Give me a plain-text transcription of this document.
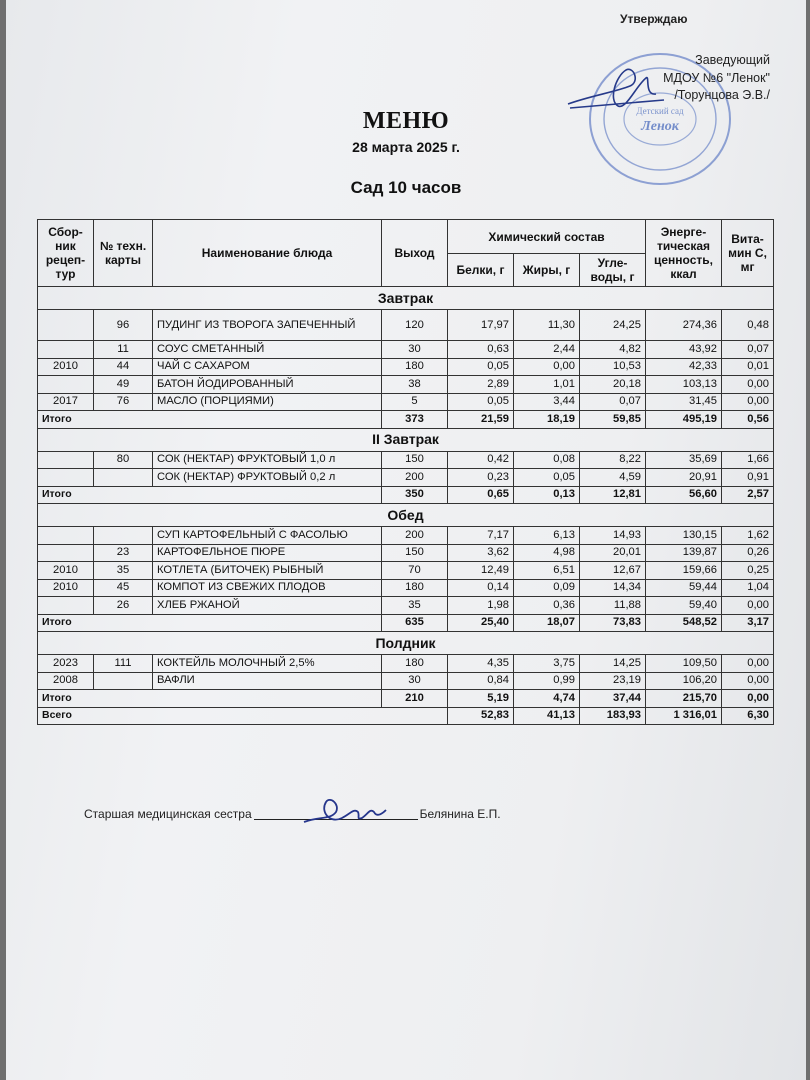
Утверждаю
Детский сад
Ленок
Заведующий
МДОУ №6 "Ленок"
/Торунцова Э.В./
МЕНЮ
28 марта 2025 г.
Сад 10 часов
Сбор-ник рецеп-тур	№ техн. карты	Наименование блюда	Выход	Химический состав			Энерге-тическая ценность, ккал	Вита-мин С, мг
				Белки, г	Жиры, г	Угле-воды, г		
Завтрак								
	96	ПУДИНГ ИЗ ТВОРОГА ЗАПЕЧЕННЫЙ	120	17,97	11,30	24,25	274,36	0,48
	11	СОУС СМЕТАННЫЙ	30	0,63	2,44	4,82	43,92	0,07
2010	44	ЧАЙ С САХАРОМ	180	0,05	0,00	10,53	42,33	0,01
	49	БАТОН ЙОДИРОВАННЫЙ	38	2,89	1,01	20,18	103,13	0,00
2017	76	МАСЛО (ПОРЦИЯМИ)	5	0,05	3,44	0,07	31,45	0,00
Итого			373	21,59	18,19	59,85	495,19	0,56
II Завтрак								
	80	СОК (НЕКТАР) ФРУКТОВЫЙ 1,0 л	150	0,42	0,08	8,22	35,69	1,66
		СОК (НЕКТАР) ФРУКТОВЫЙ 0,2 л	200	0,23	0,05	4,59	20,91	0,91
Итого			350	0,65	0,13	12,81	56,60	2,57
Обед								
		СУП КАРТОФЕЛЬНЫЙ С ФАСОЛЬЮ	200	7,17	6,13	14,93	130,15	1,62
	23	КАРТОФЕЛЬНОЕ ПЮРЕ	150	3,62	4,98	20,01	139,87	0,26
2010	35	КОТЛЕТА (БИТОЧЕК) РЫБНЫЙ	70	12,49	6,51	12,67	159,66	0,25
2010	45	КОМПОТ ИЗ СВЕЖИХ ПЛОДОВ	180	0,14	0,09	14,34	59,44	1,04
	26	ХЛЕБ РЖАНОЙ	35	1,98	0,36	11,88	59,40	0,00
Итого			635	25,40	18,07	73,83	548,52	3,17
Полдник								
2023	111	КОКТЕЙЛЬ МОЛОЧНЫЙ 2,5%	180	4,35	3,75	14,25	109,50	0,00
2008		ВАФЛИ	30	0,84	0,99	23,19	106,20	0,00
Итого			210	5,19	4,74	37,44	215,70	0,00
Всего				52,83	41,13	183,93	1 316,01	6,30
Старшая медицинская сестра	Белянина Е.П.
